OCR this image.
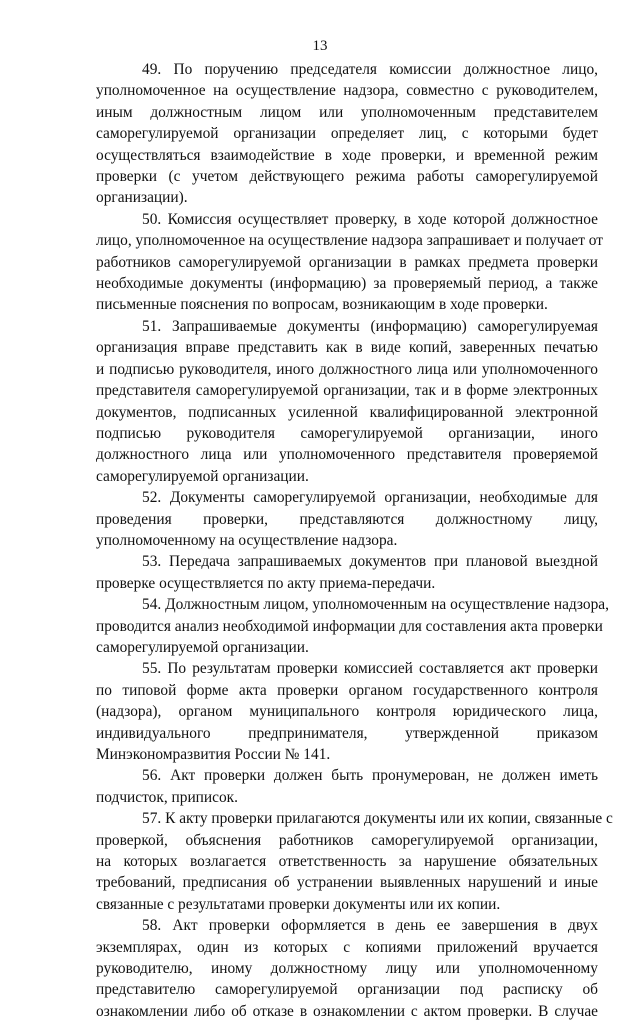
13
49. По поручению председателя комиссии должностное лицо,
уполномоченное на осуществление надзора, совместно с руководителем,
иным должностным лицом или уполномоченным представителем
саморегулируемой организации определяет лиц, с которыми будет
осуществляться взаимодействие в ходе проверки, и временной режим
проверки (с учетом действующего режима работы саморегулируемой
организации).
50. Комиссия осуществляет проверку, в ходе которой должностное
лицо, уполномоченное на осуществление надзора запрашивает и получает от
работников саморегулируемой организации в рамках предмета проверки
необходимые документы (информацию) за проверяемый период, а также
письменные пояснения по вопросам, возникающим в ходе проверки.
51. Запрашиваемые документы (информацию) саморегулируемая
организация вправе представить как в виде копий, заверенных печатью
и подписью руководителя, иного должностного лица или уполномоченного
представителя саморегулируемой организации, так и в форме электронных
документов, подписанных усиленной квалифицированной электронной
подписью руководителя саморегулируемой организации, иного
должностного лица или уполномоченного представителя проверяемой
саморегулируемой организации.
52. Документы саморегулируемой организации, необходимые для
проведения проверки, представляются должностному лицу,
уполномоченному на осуществление надзора.
53. Передача запрашиваемых документов при плановой выездной
проверке осуществляется по акту приема-передачи.
54. Должностным лицом, уполномоченным на осуществление надзора,
проводится анализ необходимой информации для составления акта проверки
саморегулируемой организации.
55. По результатам проверки комиссией составляется акт проверки
по типовой форме акта проверки органом государственного контроля
(надзора), органом муниципального контроля юридического лица,
индивидуального предпринимателя, утвержденной приказом
Минэкономразвития России № 141.
56. Акт проверки должен быть пронумерован, не должен иметь
подчисток, приписок.
57. К акту проверки прилагаются документы или их копии, связанные с
проверкой, объяснения работников саморегулируемой организации,
на которых возлагается ответственность за нарушение обязательных
требований, предписания об устранении выявленных нарушений и иные
связанные с результатами проверки документы или их копии.
58. Акт проверки оформляется в день ее завершения в двух
экземплярах, один из которых с копиями приложений вручается
руководителю, иному должностному лицу или уполномоченному
представителю саморегулируемой организации под расписку об
ознакомлении либо об отказе в ознакомлении с актом проверки. В случае
